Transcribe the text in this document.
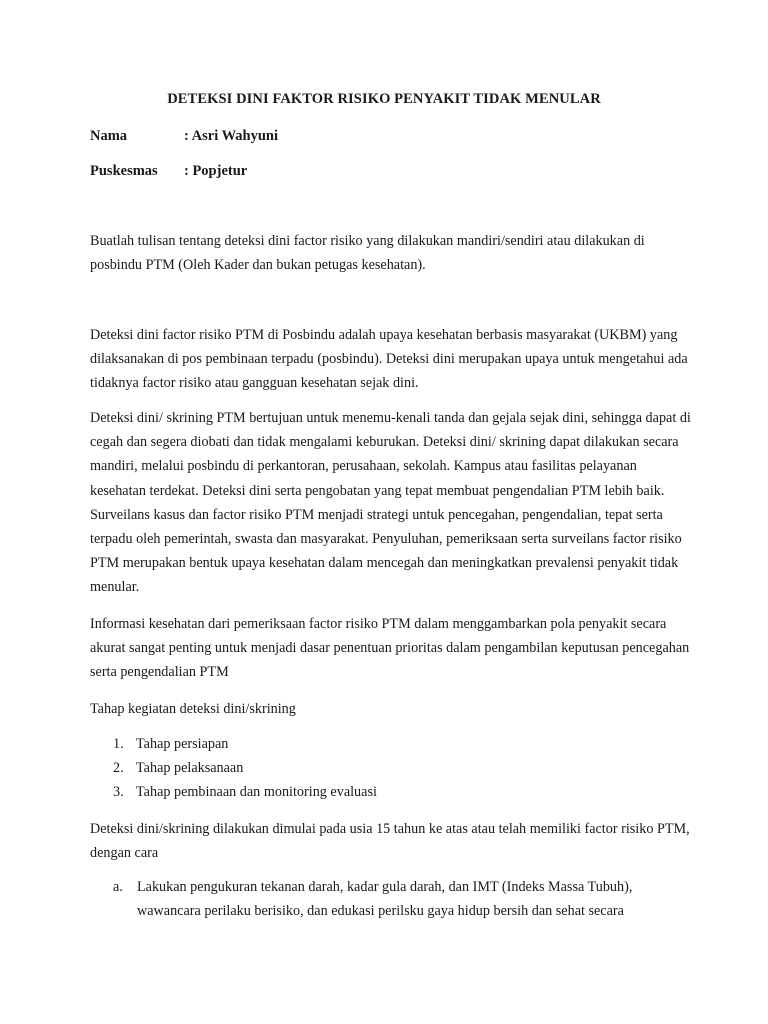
DETEKSI DINI FAKTOR RISIKO PENYAKIT TIDAK MENULAR
Nama	: Asri Wahyuni
Puskesmas : Popjetur
Buatlah tulisan tentang deteksi dini factor risiko yang dilakukan mandiri/sendiri atau dilakukan di
posbindu PTM (Oleh Kader dan bukan petugas kesehatan).
Deteksi dini factor risiko PTM di Posbindu adalah upaya kesehatan berbasis masyarakat (UKBM) yang
dilaksanakan di pos pembinaan terpadu (posbindu). Deteksi dini merupakan upaya untuk mengetahui ada
tidaknya factor risiko atau gangguan kesehatan sejak dini.
Deteksi dini/ skrining PTM bertujuan untuk menemu-kenali tanda dan gejala sejak dini, sehingga dapat di
cegah dan segera diobati dan tidak mengalami keburukan. Deteksi dini/ skrining dapat dilakukan secara
mandiri, melalui posbindu di perkantoran, perusahaan, sekolah. Kampus atau fasilitas pelayanan
kesehatan terdekat. Deteksi dini serta pengobatan yang tepat membuat pengendalian PTM lebih baik.
Surveilans kasus dan factor risiko PTM menjadi strategi untuk pencegahan, pengendalian, tepat serta
terpadu oleh pemerintah, swasta dan masyarakat. Penyuluhan, pemeriksaan serta surveilans factor risiko
PTM merupakan bentuk upaya kesehatan dalam mencegah dan meningkatkan prevalensi penyakit tidak
menular.
Informasi kesehatan dari pemeriksaan factor risiko PTM dalam menggambarkan pola penyakit secara
akurat sangat penting untuk menjadi dasar penentuan prioritas dalam pengambilan keputusan pencegahan
serta pengendalian PTM
Tahap kegiatan deteksi dini/skrining
1. Tahap persiapan
2. Tahap pelaksanaan
3. Tahap pembinaan dan monitoring evaluasi
Deteksi dini/skrining dilakukan dimulai pada usia 15 tahun ke atas atau telah memiliki factor risiko PTM,
dengan cara
a. Lakukan pengukuran tekanan darah, kadar gula darah, dan IMT (Indeks Massa Tubuh),
wawancara perilaku berisiko, dan edukasi perilsku gaya hidup bersih dan sehat secara
